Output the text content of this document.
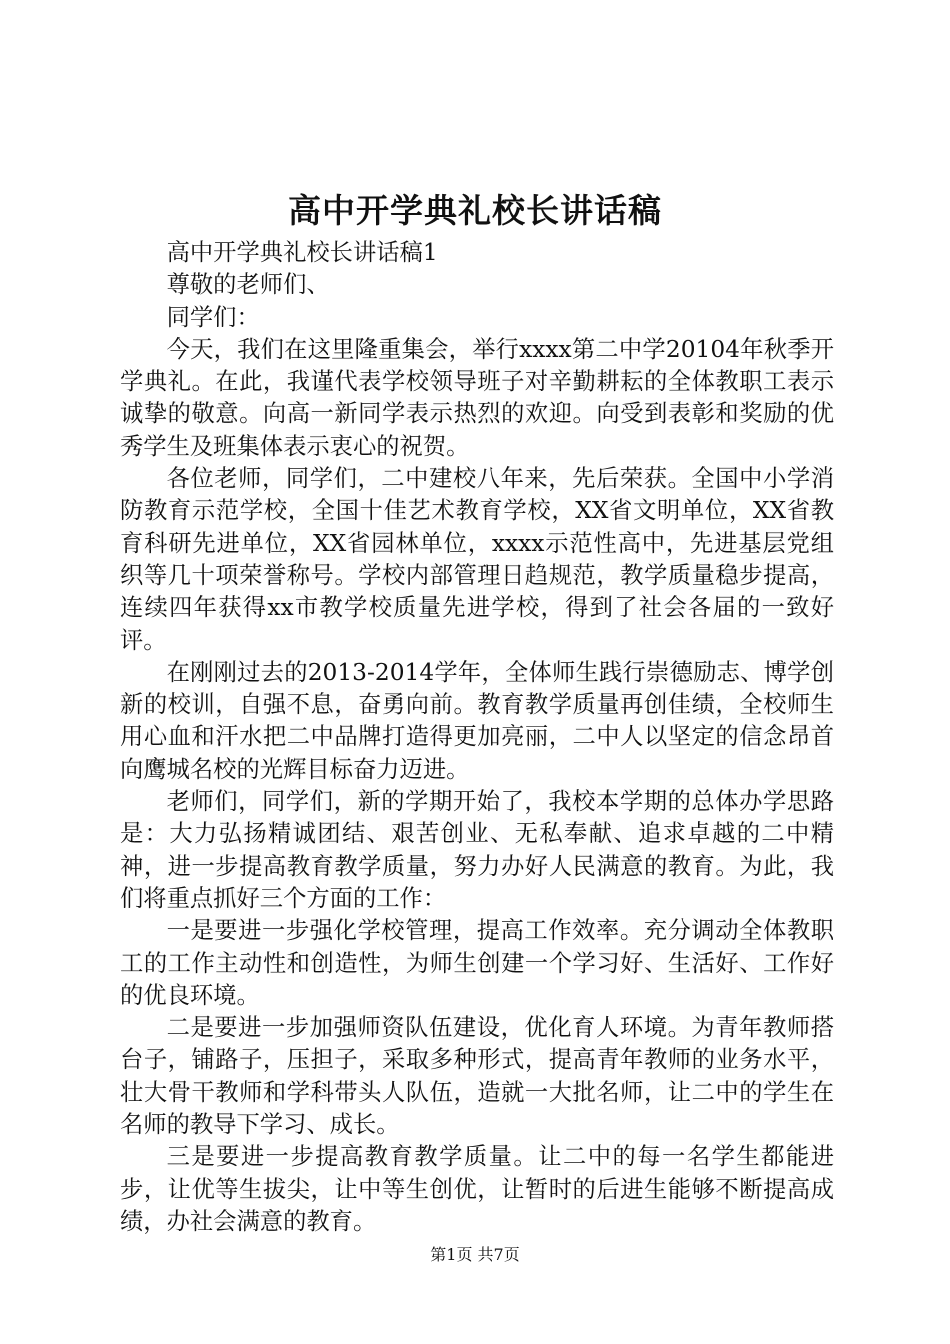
高中开学典礼校长讲话稿

高中开学典礼校长讲话稿1

尊敬的老师们、

同学们：

今天，我们在这里隆重集会，举行xxxx第二中学20104年秋季开学典礼。在此，我谨代表学校领导班子对辛勤耕耘的全体教职工表示诚挚的敬意。向高一新同学表示热烈的欢迎。向受到表彰和奖励的优秀学生及班集体表示衷心的祝贺。

各位老师，同学们，二中建校八年来，先后荣获。全国中小学消防教育示范学校，全国十佳艺术教育学校，XX省文明单位，XX省教育科研先进单位，XX省园林单位，xxxx示范性高中，先进基层党组织等几十项荣誉称号。学校内部管理日趋规范，教学质量稳步提高，连续四年获得xx市教学校质量先进学校，得到了社会各届的一致好评。

在刚刚过去的2013-2014学年，全体师生践行崇德励志、博学创新的校训，自强不息，奋勇向前。教育教学质量再创佳绩，全校师生用心血和汗水把二中品牌打造得更加亮丽，二中人以坚定的信念昂首向鹰城名校的光辉目标奋力迈进。

老师们，同学们，新的学期开始了，我校本学期的总体办学思路是：大力弘扬精诚团结、艰苦创业、无私奉献、追求卓越的二中精神，进一步提高教育教学质量，努力办好人民满意的教育。为此，我们将重点抓好三个方面的工作：

一是要进一步强化学校管理，提高工作效率。充分调动全体教职工的工作主动性和创造性，为师生创建一个学习好、生活好、工作好的优良环境。

二是要进一步加强师资队伍建设，优化育人环境。为青年教师搭台子，铺路子，压担子，采取多种形式，提高青年教师的业务水平，壮大骨干教师和学科带头人队伍，造就一大批名师，让二中的学生在名师的教导下学习、成长。

三是要进一步提高教育教学质量。让二中的每一名学生都能进步，让优等生拔尖，让中等生创优，让暂时的后进生能够不断提高成绩，办社会满意的教育。

第1页 共7页
